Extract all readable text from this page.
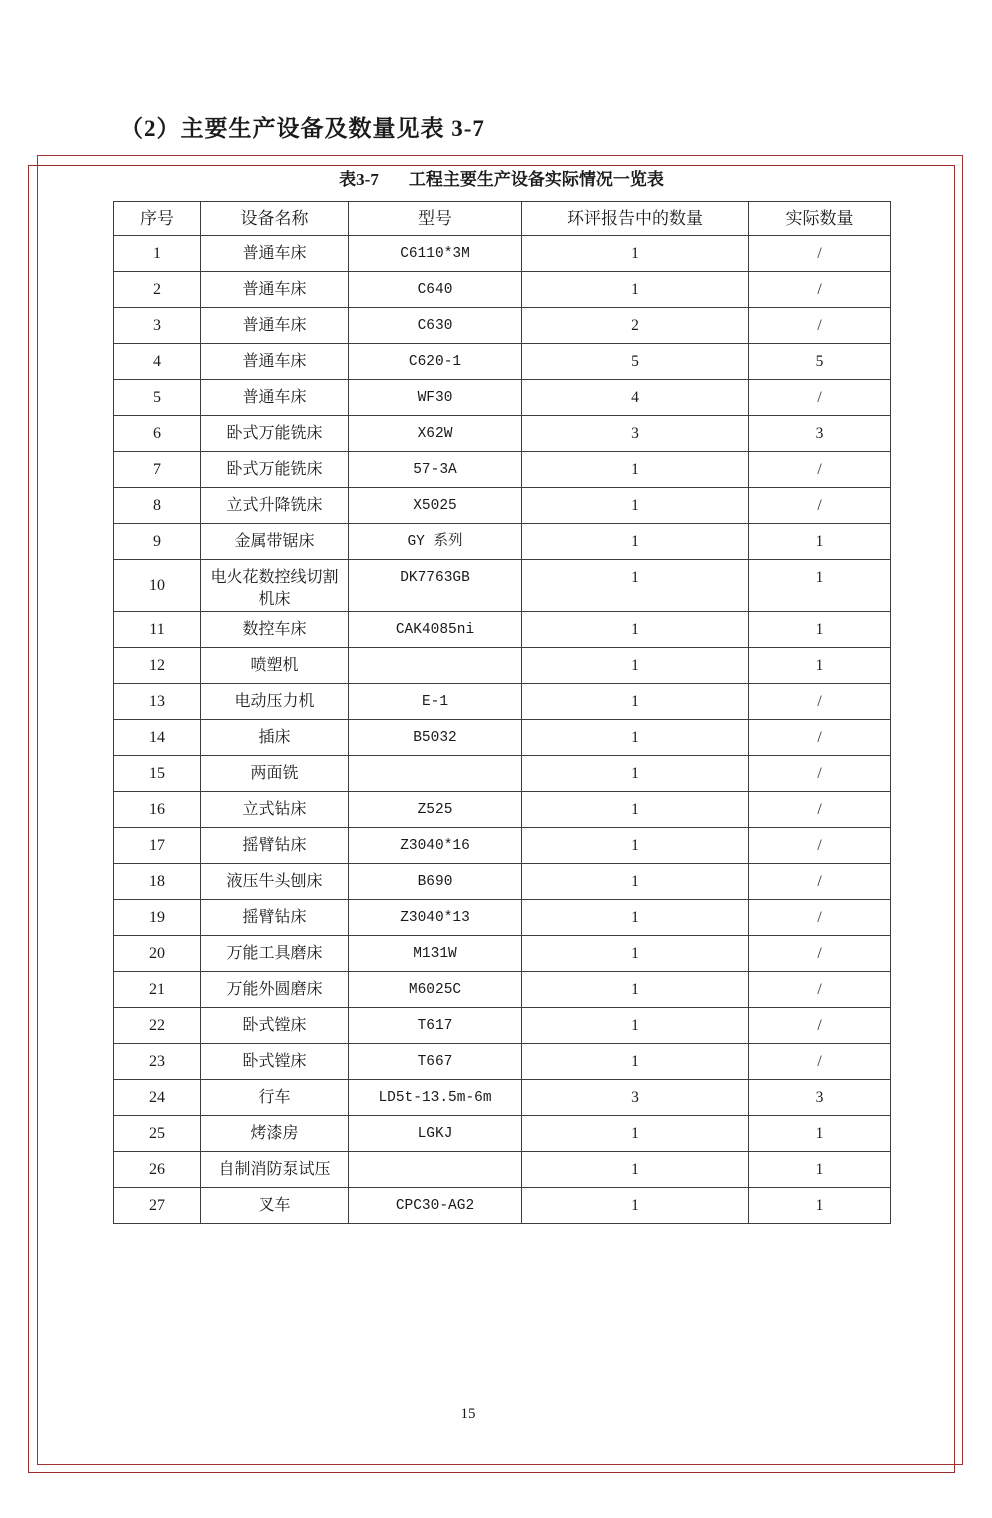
（2）主要生产设备及数量见表 3-7
表3-7 工程主要生产设备实际情况一览表
序号	设备名称	型号	环评报告中的数量	实际数量
1	普通车床	C6110*3M	1	/
2	普通车床	C640	1	/
3	普通车床	C630	2	/
4	普通车床	C620-1	5	5
5	普通车床	WF30	4	/
6	卧式万能铣床	X62W	3	3
7	卧式万能铣床	57-3A	1	/
8	立式升降铣床	X5025	1	/
9	金属带锯床	GY 系列	1	1
10	电火花数控线切割机床	DK7763GB	1	1
11	数控车床	CAK4085ni	1	1
12	喷塑机		1	1
13	电动压力机	E-1	1	/
14	插床	B5032	1	/
15	两面铣		1	/
16	立式钻床	Z525	1	/
17	摇臂钻床	Z3040*16	1	/
18	液压牛头刨床	B690	1	/
19	摇臂钻床	Z3040*13	1	/
20	万能工具磨床	M131W	1	/
21	万能外圆磨床	M6025C	1	/
22	卧式镗床	T617	1	/
23	卧式镗床	T667	1	/
24	行车	LD5t-13.5m-6m	3	3
25	烤漆房	LGKJ	1	1
26	自制消防泵试压		1	1
27	叉车	CPC30-AG2	1	1
15
